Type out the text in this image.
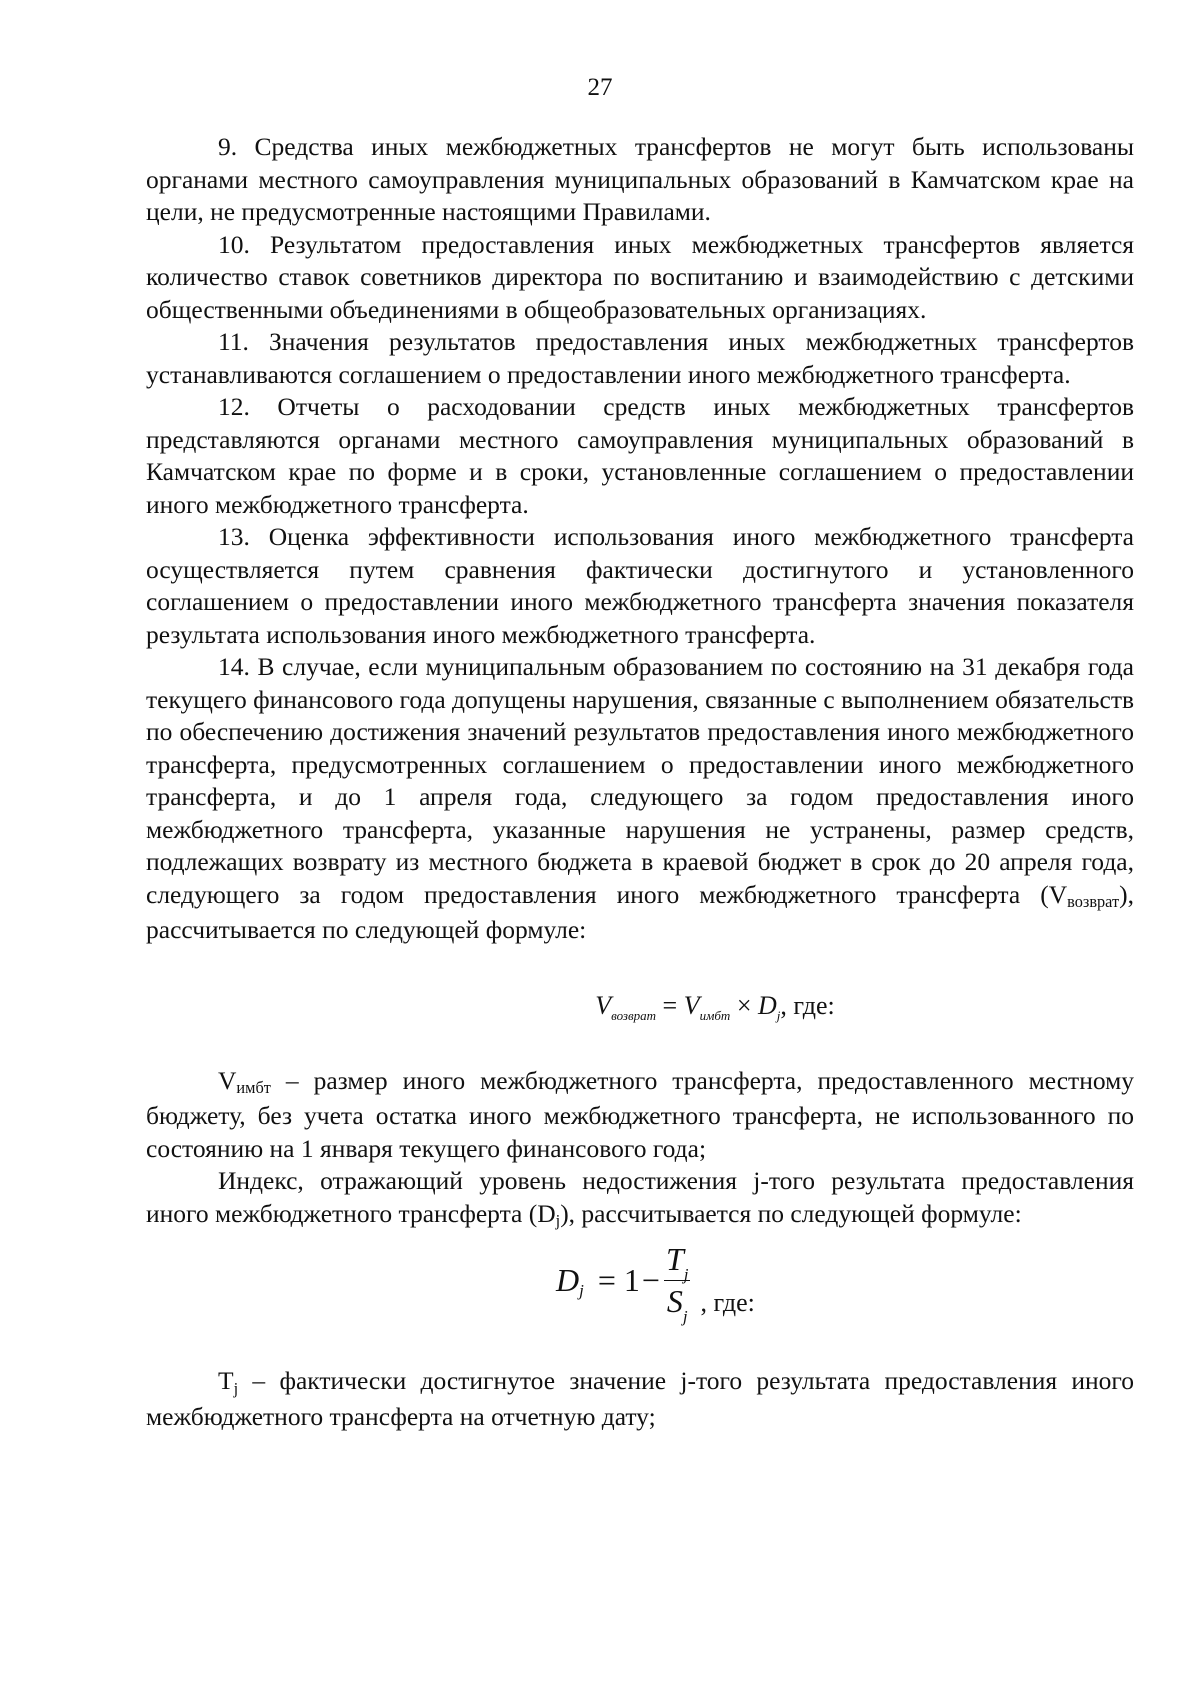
27

9. Средства иных межбюджетных трансфертов не могут быть использованы органами местного самоуправления муниципальных образований в Камчатском крае на цели, не предусмотренные настоящими Правилами.

10. Результатом предоставления иных межбюджетных трансфертов является количество ставок советников директора по воспитанию и взаимодействию с детскими общественными объединениями в общеобразовательных организациях.

11. Значения результатов предоставления иных межбюджетных трансфертов устанавливаются соглашением о предоставлении иного межбюджетного трансферта.

12. Отчеты о расходовании средств иных межбюджетных трансфертов представляются органами местного самоуправления муниципальных образований в Камчатском крае по форме и в сроки, установленные соглашением о предоставлении иного межбюджетного трансферта.

13. Оценка эффективности использования иного межбюджетного трансферта осуществляется путем сравнения фактически достигнутого и установленного соглашением о предоставлении иного межбюджетного трансферта значения показателя результата использования иного межбюджетного трансферта.

14. В случае, если муниципальным образованием по состоянию на 31 декабря года текущего финансового года допущены нарушения, связанные с выполнением обязательств по обеспечению достижения значений результатов предоставления иного межбюджетного трансферта, предусмотренных соглашением о предоставлении иного межбюджетного трансферта, и до 1 апреля года, следующего за годом предоставления иного межбюджетного трансферта, указанные нарушения не устранены, размер средств, подлежащих возврату из местного бюджета в краевой бюджет в срок до 20 апреля года, следующего за годом предоставления иного межбюджетного трансферта $(V_{возврат})$, рассчитывается по следующей формуле:

$V_{возврат} = V_{имбт} \times D_j$, где:

$V_{имбт}$ – размер иного межбюджетного трансферта, предоставленного местному бюджету, без учета остатка иного межбюджетного трансферта, не использованного по состоянию на 1 января текущего финансового года;

Индекс, отражающий уровень недостижения j-того результата предоставления иного межбюджетного трансферта $(D_j)$, рассчитывается по следующей формуле:

D $j = 1 - \frac{T_j}{S_j}$ , где:

$T_j$ – фактически достигнутое значение j-того результата предоставления иного межбюджетного трансферта на отчетную дату;
